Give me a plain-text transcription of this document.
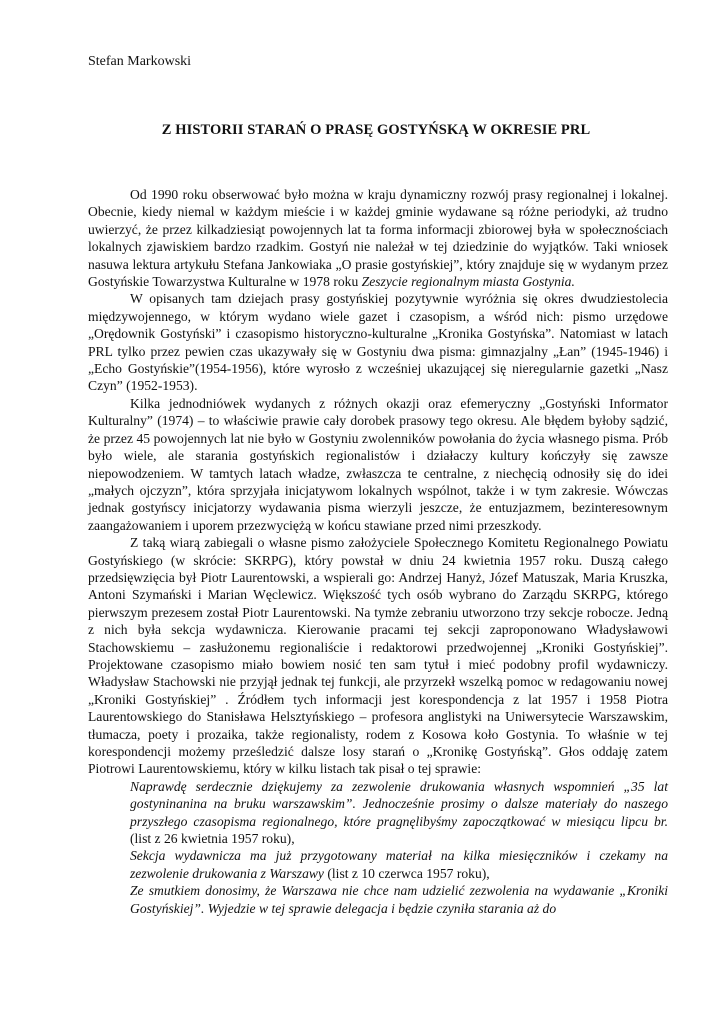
Stefan Markowski
Z HISTORII STARAŃ O PRASĘ GOSTYŃSKĄ W OKRESIE PRL

Od 1990 roku obserwować było można w kraju dynamiczny rozwój prasy regionalnej i lokalnej. Obecnie, kiedy niemal w każdym mieście i w każdej gminie wydawane są różne periodyki, aż trudno uwierzyć, że przez kilkadziesiąt powojennych lat ta forma informacji zbiorowej była w społecznościach lokalnych zjawiskiem bardzo rzadkim. Gostyń nie należał w tej dziedzinie do wyjątków. Taki wniosek nasuwa lektura artykułu Stefana Jankowiaka „O prasie gostyńskiej”, który znajduje się w wydanym przez Gostyńskie Towarzystwa Kulturalne w 1978 roku Zeszycie regionalnym miasta Gostynia.

W opisanych tam dziejach prasy gostyńskiej pozytywnie wyróżnia się okres dwudziestolecia międzywojennego, w którym wydano wiele gazet i czasopism, a wśród nich: pismo urzędowe „Orędownik Gostyński” i czasopismo historyczno-kulturalne „Kronika Gostyńska”. Natomiast w latach PRL tylko przez pewien czas ukazywały się w Gostyniu dwa pisma: gimnazjalny „Łan” (1945-1946) i „Echo Gostyńskie”(1954-1956), które wyrosło z wcześniej ukazującej się nieregularnie gazetki „Nasz Czyn” (1952-1953).

Kilka jednodniówek wydanych z różnych okazji oraz efemeryczny „Gostyński Informator Kulturalny” (1974) – to właściwie prawie cały dorobek prasowy tego okresu. Ale błędem byłoby sądzić, że przez 45 powojennych lat nie było w Gostyniu zwolenników powołania do życia własnego pisma. Prób było wiele, ale starania gostyńskich regionalistów i działaczy kultury kończyły się zawsze niepowodzeniem. W tamtych latach władze, zwłaszcza te centralne, z niechęcią odnosiły się do idei „małych ojczyzn”, która sprzyjała inicjatywom lokalnych wspólnot, także i w tym zakresie. Wówczas jednak gostyńscy inicjatorzy wydawania pisma wierzyli jeszcze, że entuzjazmem, bezinteresownym zaangażowaniem i uporem przezwyciężą w końcu stawiane przed nimi przeszkody.

Z taką wiarą zabiegali o własne pismo założyciele Społecznego Komitetu Regionalnego Powiatu Gostyńskiego (w skrócie: SKRPG), który powstał w dniu 24 kwietnia 1957 roku. Duszą całego przedsięwzięcia był Piotr Laurentowski, a wspierali go: Andrzej Hanyż, Józef Matuszak, Maria Kruszka, Antoni Szymański i Marian Węclewicz. Większość tych osób wybrano do Zarządu SKRPG, którego pierwszym prezesem został Piotr Laurentowski. Na tymże zebraniu utworzono trzy sekcje robocze. Jedną z nich była sekcja wydawnicza. Kierowanie pracami tej sekcji zaproponowano Władysławowi Stachowskiemu – zasłużonemu regionaliście i redaktorowi przedwojennej „Kroniki Gostyńskiej”. Projektowane czasopismo miało bowiem nosić ten sam tytuł i mieć podobny profil wydawniczy. Władysław Stachowski nie przyjął jednak tej funkcji, ale przyrzekł wszelką pomoc w redagowaniu nowej „Kroniki Gostyńskiej” . Źródłem tych informacji jest korespondencja z lat 1957 i 1958 Piotra Laurentowskiego do Stanisława Helsztyńskiego – profesora anglistyki na Uniwersytecie Warszawskim, tłumacza, poety i prozaika, także regionalisty, rodem z Kosowa koło Gostynia. To właśnie w tej korespondencji możemy prześledzić dalsze losy starań o „Kronikę Gostyńską”. Głos oddaję zatem Piotrowi Laurentowskiemu, który w kilku listach tak pisał o tej sprawie:

Naprawdę serdecznie dziękujemy za zezwolenie drukowania własnych wspomnień „35 lat gostyninanina na bruku warszawskim”. Jednocześnie prosimy o dalsze materiały do naszego przyszłego czasopisma regionalnego, które pragnęlibyśmy zapoczątkować w miesiącu lipcu br. (list z 26 kwietnia 1957 roku),

Sekcja wydawnicza ma już przygotowany materiał na kilka miesięczników i czekamy na zezwolenie drukowania z Warszawy (list z 10 czerwca 1957 roku),

Ze smutkiem donosimy, że Warszawa nie chce nam udzielić zezwolenia na wydawanie „Kroniki Gostyńskiej”. Wyjedzie w tej sprawie delegacja i będzie czyniła starania aż do
